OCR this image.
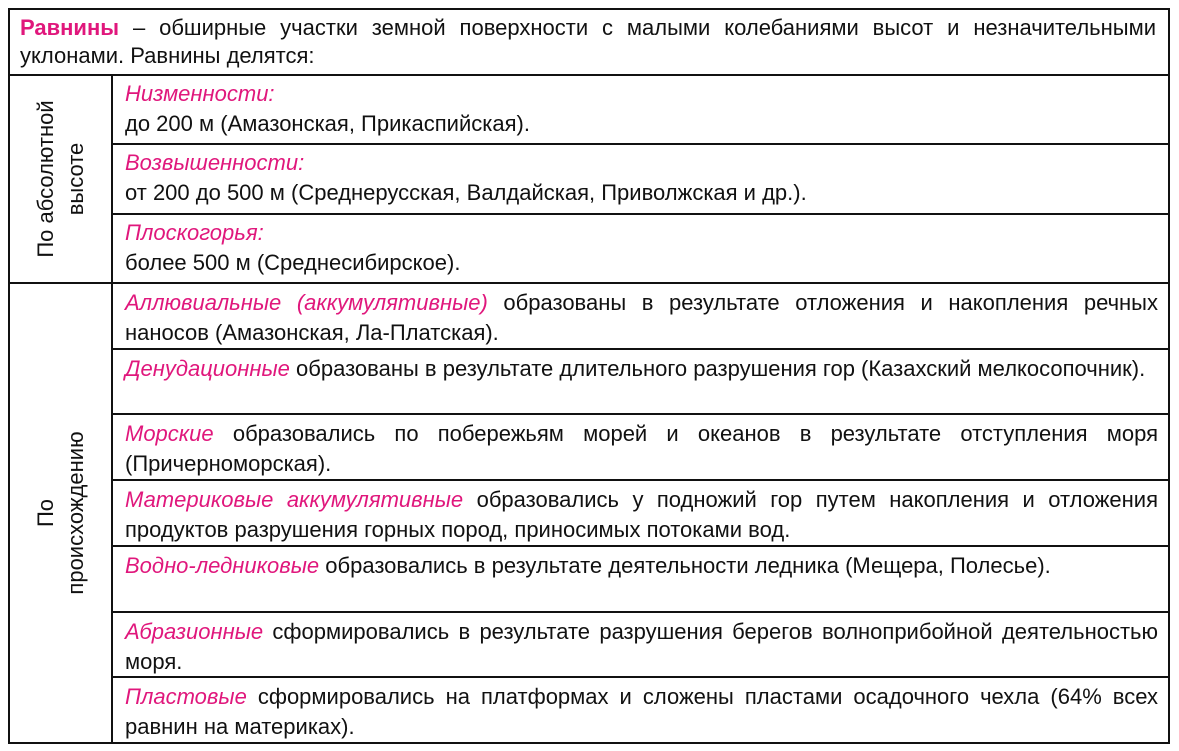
Равнины – обширные участки земной поверхности с малыми колебаниями высот и незначительными уклонами. Равнины делятся:
По абсолютной
высоте
Низменности:
до 200 м (Амазонская, Прикаспийская).
Возвышенности:
от 200 до 500 м (Среднерусская, Валдайская, Приволжская и др.).
Плоскогорья:
более 500 м (Среднесибирское).
По
происхождению
Аллювиальные (аккумулятивные) образованы в результате отложения и накопления речных наносов (Амазонская, Ла-Платская).
Денудационные образованы в результате длительного разрушения гор (Казахский мелкосопочник).
Морские образовались по побережьям морей и океанов в результате отступления моря (Причерноморская).
Материковые аккумулятивные образовались у подножий гор путем накопления и отложения продуктов разрушения горных пород, приносимых потоками вод.
Водно-ледниковые образовались в результате деятельности ледника (Мещера, Полесье).
Абразионные сформировались в результате разрушения берегов волноприбойной деятельностью моря.
Пластовые сформировались на платформах и сложены пластами осадочного чехла (64% всех равнин на материках).
